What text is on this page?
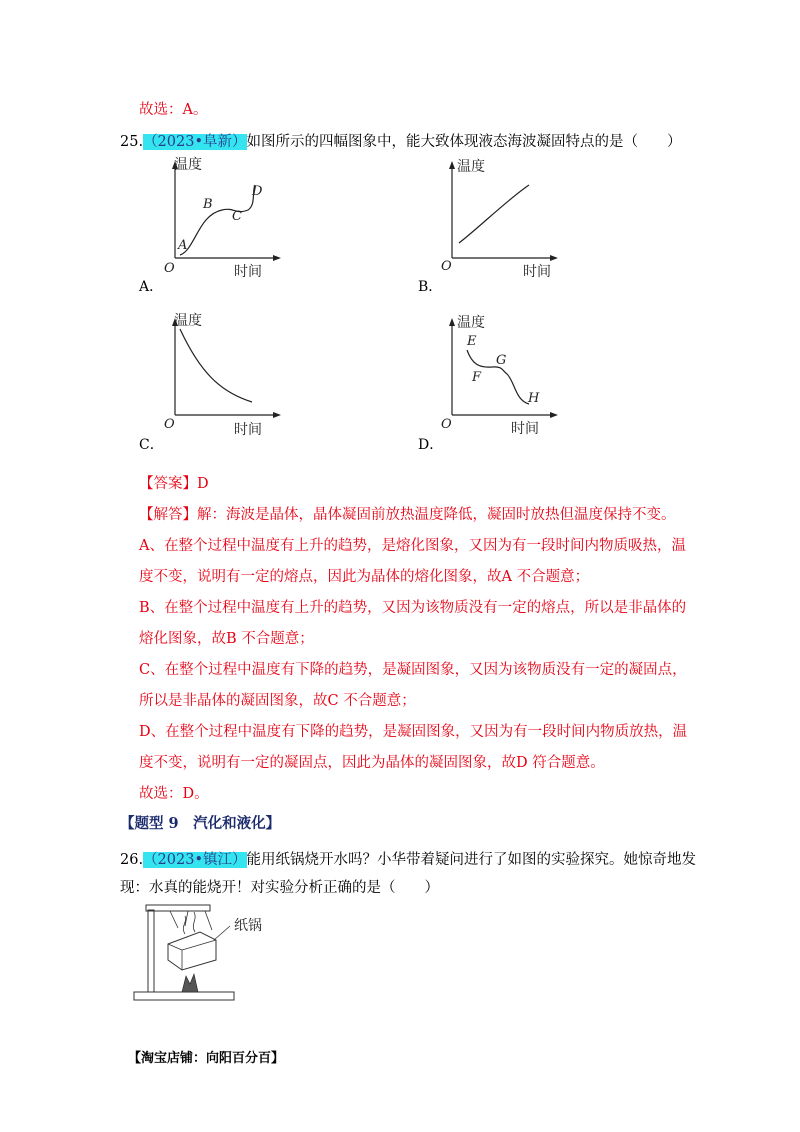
故选：A。
25.（2023•阜新）如图所示的四幅图象中，能大致体现液态海波凝固特点的是（　　）
温度
时间
O
A
B
C
D
A．
温度
时间
O
B．
温度
时间
O
C．
温度
时间
O
E
F
G
H
D．
【答案】D
【解答】解：海波是晶体，晶体凝固前放热温度降低，凝固时放热但温度保持不变。
A、在整个过程中温度有上升的趋势，是熔化图象，又因为有一段时间内物质吸热，温
度不变，说明有一定的熔点，因此为晶体的熔化图象，故A 不合题意；
B、在整个过程中温度有上升的趋势，又因为该物质没有一定的熔点，所以是非晶体的
熔化图象，故B 不合题意；
C、在整个过程中温度有下降的趋势，是凝固图象，又因为该物质没有一定的凝固点，
所以是非晶体的凝固图象，故C 不合题意；
D、在整个过程中温度有下降的趋势，是凝固图象，又因为有一段时间内物质放热，温
度不变，说明有一定的凝固点，因此为晶体的凝固图象，故D 符合题意。
故选：D。
【题型 9　汽化和液化】
26.（2023•镇江）能用纸锅烧开水吗？小华带着疑问进行了如图的实验探究。她惊奇地发
现：水真的能烧开！对实验分析正确的是（　　）
纸锅
【淘宝店铺：向阳百分百】
